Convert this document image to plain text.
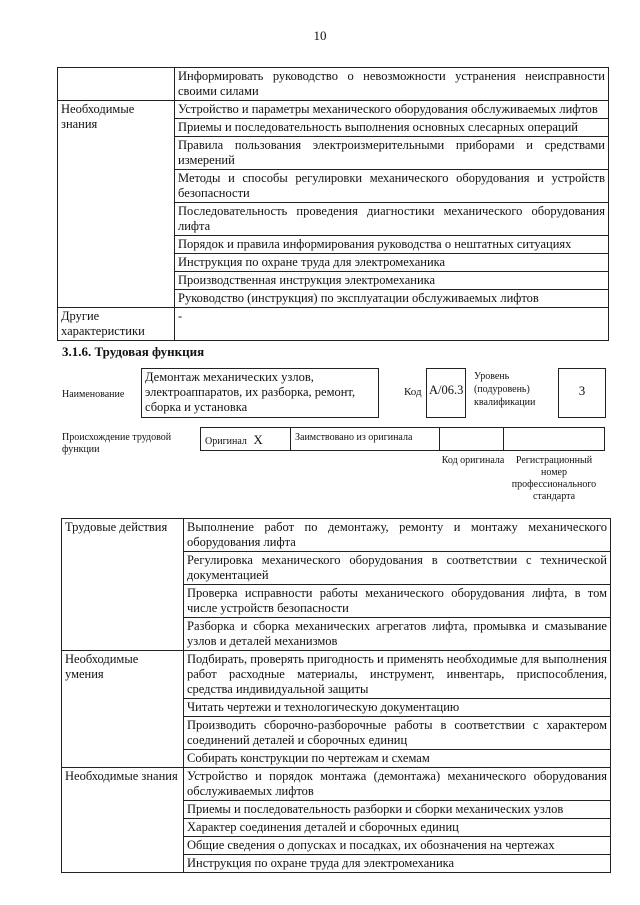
10
	Информировать руководство о невозможности устранения неисправности своими силами
Необходимые знания	Устройство и параметры механического оборудования обслуживаемых лифтов
	Приемы и последовательность выполнения основных слесарных операций
	Правила пользования электроизмерительными приборами и средствами измерений
	Методы и способы регулировки механического оборудования и устройств безопасности
	Последовательность проведения диагностики механического оборудования лифта
	Порядок и правила информирования руководства о нештатных ситуациях
	Инструкция по охране труда для электромеханика
	Производственная инструкция электромеханика
	Руководство (инструкция) по эксплуатации обслуживаемых лифтов
Другие характеристики	-
3.1.6. Трудовая функция
Наименование
Демонтаж механических узлов, электроаппаратов, их разборка, ремонт, сборка и установка
Код А/06.3
Уровень (подуровень) квалификации
3
Происхождение трудовой функции
Оригинал X	Заимствовано из оригинала
Код оригинала	Регистрационный номер профессионального стандарта
Трудовые действия	Выполнение работ по демонтажу, ремонту и монтажу механического оборудования лифта
	Регулировка механического оборудования в соответствии с технической документацией
	Проверка исправности работы механического оборудования лифта, в том числе устройств безопасности
	Разборка и сборка механических агрегатов лифта, промывка и смазывание узлов и деталей механизмов
Необходимые умения	Подбирать, проверять пригодность и применять необходимые для выполнения работ расходные материалы, инструмент, инвентарь, приспособления, средства индивидуальной защиты
	Читать чертежи и технологическую документацию
	Производить сборочно-разборочные работы в соответствии с характером соединений деталей и сборочных единиц
	Собирать конструкции по чертежам и схемам
Необходимые знания	Устройство и порядок монтажа (демонтажа) механического оборудования обслуживаемых лифтов
	Приемы и последовательность разборки и сборки механических узлов
	Характер соединения деталей и сборочных единиц
	Общие сведения о допусках и посадках, их обозначения на чертежах
	Инструкция по охране труда для электромеханика
